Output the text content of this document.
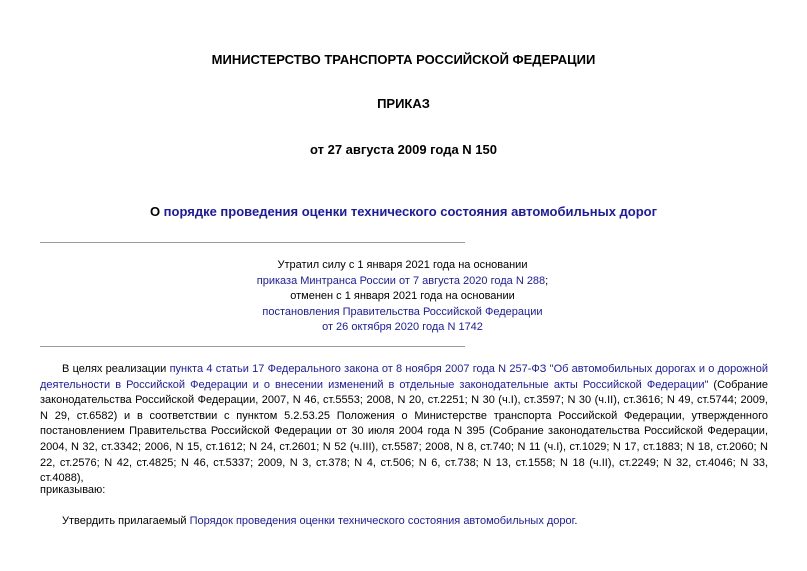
МИНИСТЕРСТВО ТРАНСПОРТА РОССИЙСКОЙ ФЕДЕРАЦИИ
ПРИКАЗ
от 27 августа 2009 года N 150
О порядке проведения оценки технического состояния автомобильных дорог
Утратил силу с 1 января 2021 года на основании
приказа Минтранса России от 7 августа 2020 года N 288;
отменен с 1 января 2021 года на основании
постановления Правительства Российской Федерации
от 26 октября 2020 года N 1742

В целях реализации пункта 4 статьи 17 Федерального закона от 8 ноября 2007 года N 257-ФЗ "Об автомобильных дорогах и о дорожной деятельности в Российской Федерации и о внесении изменений в отдельные законодательные акты Российской Федерации" (Собрание законодательства Российской Федерации, 2007, N 46, ст.5553; 2008, N 20, ст.2251; N 30 (ч.I), ст.3597; N 30 (ч.II), ст.3616; N 49, ст.5744; 2009, N 29, ст.6582) и в соответствии с пунктом 5.2.53.25 Положения о Министерстве транспорта Российской Федерации, утвержденного постановлением Правительства Российской Федерации от 30 июля 2004 года N 395 (Собрание законодательства Российской Федерации, 2004, N 32, ст.3342; 2006, N 15, ст.1612; N 24, ст.2601; N 52 (ч.III), ст.5587; 2008, N 8, ст.740; N 11 (ч.I), ст.1029; N 17, ст.1883; N 18, ст.2060; N 22, ст.2576; N 42, ст.4825; N 46, ст.5337; 2009, N 3, ст.378; N 4, ст.506; N 6, ст.738; N 13, ст.1558; N 18 (ч.II), ст.2249; N 32, ст.4046; N 33, ст.4088),

приказываю:
Утвердить прилагаемый Порядок проведения оценки технического состояния автомобильных дорог.
